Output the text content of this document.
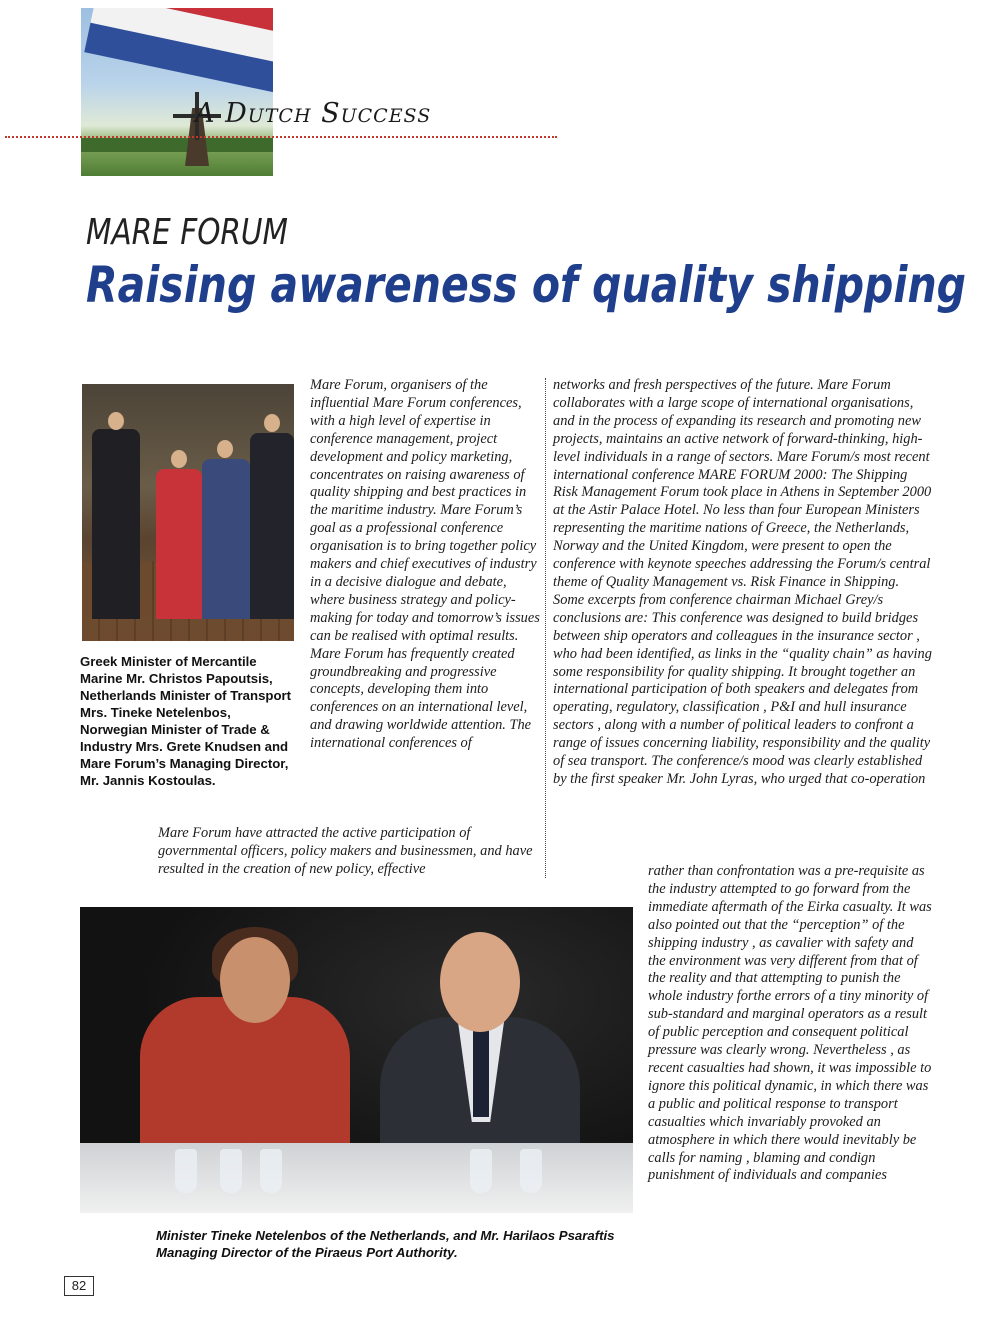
A Dutch Success
MARE FORUM
Raising awareness of quality shipping
Greek Minister of Mercantile Marine Mr. Christos Papoutsis, Netherlands Minister of Transport Mrs. Tineke Netelenbos, Norwegian Minister of Trade & Industry Mrs. Grete Knudsen and Mare Forum’s Managing Director, Mr. Jannis Kostoulas.
Mare Forum, organisers of the influential Mare Forum conferences, with a high level of expertise in conference management, project development and policy marketing, concentrates on raising awareness of quality shipping and best practices in the maritime industry. Mare Forum’s goal as a professional conference organisation is to bring together policy makers and chief executives of industry in a decisive dialogue and debate, where business strategy and policy-making for today and tomorrow’s issues can be realised with optimal results. Mare Forum has frequently created groundbreaking and progressive concepts, developing them into conferences on an international level, and drawing worldwide attention. The international conferences of
Mare Forum have attracted the active participation of governmental officers, policy makers and businessmen, and have resulted in the creation of new policy, effective
networks and fresh perspectives of the future. Mare Forum collaborates with a large scope of international organisations, and in the process of expanding its research and promoting new projects, maintains an active network of forward-thinking, high-level individuals in a range of sectors. Mare Forum/s most recent international conference MARE FORUM 2000: The Shipping Risk Management Forum took place in Athens in September 2000 at the Astir Palace Hotel. No less than four European Ministers representing the maritime nations of Greece, the Netherlands, Norway and the United Kingdom, were present to open the conference with keynote speeches addressing the Forum/s central theme of Quality Management vs. Risk Finance in Shipping. Some excerpts from conference chairman Michael Grey/s conclusions are: This conference was designed to build bridges between ship operators and colleagues in the insurance sector , who had been identified, as links in the “quality chain” as having some responsibility for quality shipping. It brought together an international participation of both speakers and delegates from operating, regulatory, classification , P&I and hull insurance sectors , along with a number of political leaders to confront a range of issues concerning liability, responsibility and the quality of sea transport. The conference/s mood was clearly established by the first speaker Mr. John Lyras, who urged that co-operation
Minister Tineke Netelenbos of the Netherlands, and Mr. Harilaos Psaraftis Managing Director of the Piraeus Port Authority.
rather than confrontation was a pre-requisite as the industry attempted to go forward from the immediate aftermath of the Eirka casualty. It was also pointed out that the “perception” of the shipping industry , as cavalier with safety and the environment was very different from that of the reality and that attempting to punish the whole industry forthe errors of a tiny minority of sub-standard and marginal operators as a result of public perception and consequent political pressure was clearly wrong. Nevertheless , as recent casualties had shown, it was impossible to ignore this political dynamic, in which there was a public and political response to transport casualties which invariably provoked an atmosphere in which there would inevitably be calls for naming , blaming and condign punishment of individuals and companies
82
